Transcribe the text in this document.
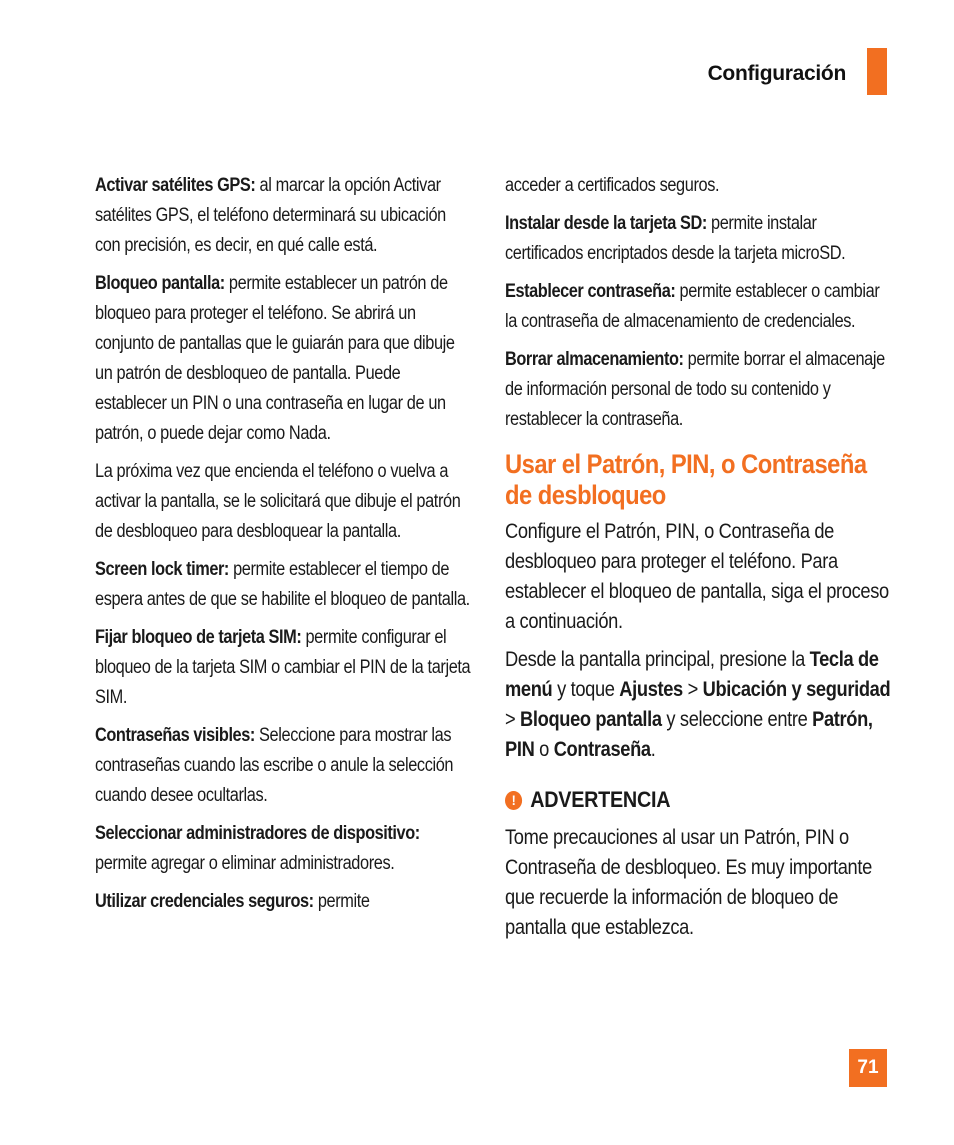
Configuración

Activar satélites GPS: al marcar la opción Activar satélites GPS, el teléfono determinará su ubicación con precisión, es decir, en qué calle está.

Bloqueo pantalla: permite establecer un patrón de bloqueo para proteger el teléfono. Se abrirá un conjunto de pantallas que le guiarán para que dibuje un patrón de desbloqueo de pantalla. Puede establecer un PIN o una contraseña en lugar de un patrón, o puede dejar como Nada.

La próxima vez que encienda el teléfono o vuelva a activar la pantalla, se le solicitará que dibuje el patrón de desbloqueo para desbloquear la pantalla.

Screen lock timer: permite establecer el tiempo de espera antes de que se habilite el bloqueo de pantalla.

Fijar bloqueo de tarjeta SIM: permite configurar el bloqueo de la tarjeta SIM o cambiar el PIN de la tarjeta SIM.

Contraseñas visibles: Seleccione para mostrar las contraseñas cuando las escribe o anule la selección cuando desee ocultarlas.

Seleccionar administradores de dispositivo: permite agregar o eliminar administradores.

Utilizar credenciales seguros: permite

acceder a certificados seguros.

Instalar desde la tarjeta SD: permite instalar certificados encriptados desde la tarjeta microSD.

Establecer contraseña: permite establecer o cambiar la contraseña de almacenamiento de credenciales.

Borrar almacenamiento: permite borrar el almacenaje de información personal de todo su contenido y restablecer la contraseña.

Usar el Patrón, PIN, o Contraseña de desbloqueo

Configure el Patrón, PIN, o Contraseña de desbloqueo para proteger el teléfono. Para establecer el bloqueo de pantalla, siga el proceso a continuación.

Desde la pantalla principal, presione la Tecla de menú y toque Ajustes > Ubicación y seguridad > Bloqueo pantalla y seleccione entre Patrón, PIN o Contraseña.

! ADVERTENCIA

Tome precauciones al usar un Patrón, PIN o Contraseña de desbloqueo. Es muy importante que recuerde la información de bloqueo de pantalla que establezca.

71
